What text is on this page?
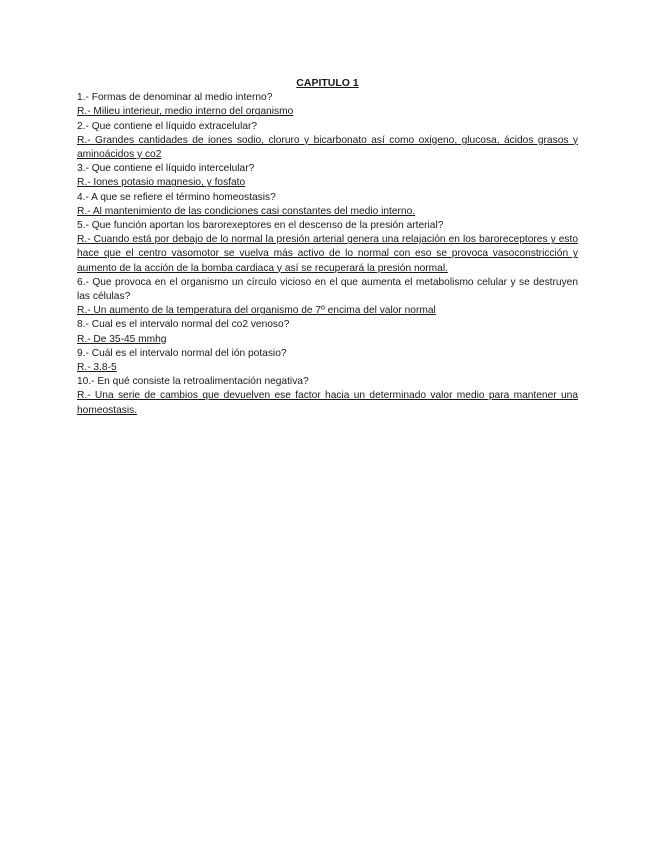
CAPITULO 1

1.- Formas de denominar al medio interno?

R.- Milieu interieur, medio interno del organismo

2.- Que contiene el líquido extracelular?

R.- Grandes cantidades de iones sodio, cloruro y bicarbonato así como oxigeno, glucosa, ácidos grasos y aminoácidos y co2

3.- Que contiene el líquido intercelular?

R.- Iones potasio magnesio, y fosfato

4.- A que se refiere el término homeostasis?

R.- Al mantenimiento de las condiciones casi constantes del medio interno.

5.- Que función aportan los barorexeptores en el descenso de la presión arterial?

R.- Cuando está por debajo de lo normal la presión arterial genera una relajación en los baroreceptores y esto hace que el centro vasomotor se vuelva más activo de lo normal con eso se provoca vasoconstricción y aumento de la acción de la bomba cardiaca y así se recuperará la presión normal.

6.- Que provoca en el organismo un círculo vicioso en el que aumenta el metabolismo celular y se destruyen las células?

R.- Un aumento de la temperatura del organismo de 7º encima del valor normal

8.- Cual es el intervalo normal del co2 venoso?

R.- De 35-45 mmhg

9.- Cuál es el intervalo normal del ión potasio?

R.- 3.8-5

10.- En qué consiste la retroalimentación negativa?

R.- Una serie de cambios que devuelven ese factor hacia un determinado valor medio para mantener una homeostasis.
